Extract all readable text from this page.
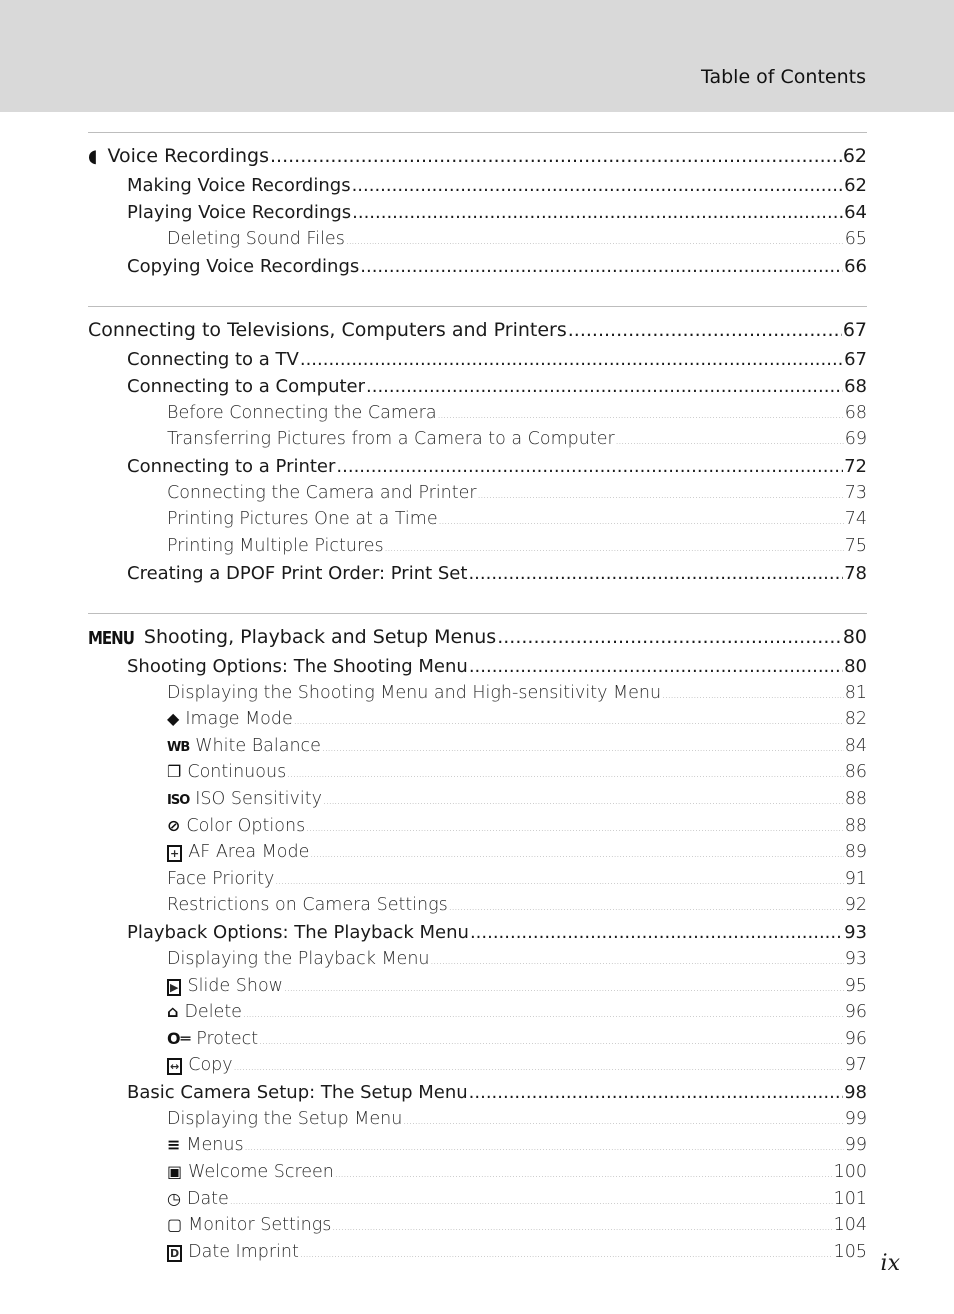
Table of Contents
◖ Voice Recordings .....	62
Making Voice Recordings .....	62
Playing Voice Recordings .....	64
Deleting Sound Files .....	65
Copying Voice Recordings .....	66
Connecting to Televisions, Computers and Printers .....	67
Connecting to a TV .....	67
Connecting to a Computer .....	68
Before Connecting the Camera .....	68
Transferring Pictures from a Camera to a Computer .....	69
Connecting to a Printer .....	72
Connecting the Camera and Printer .....	73
Printing Pictures One at a Time .....	74
Printing Multiple Pictures .....	75
Creating a DPOF Print Order: Print Set .....	78
MENU Shooting, Playback and Setup Menus .....	80
Shooting Options: The Shooting Menu .....	80
Displaying the Shooting Menu and High-sensitivity Menu .....	81
◆ Image Mode .....	82
WB White Balance .....	84
❐ Continuous .....	86
ISO ISO Sensitivity .....	88
⊘ Color Options .....	88
+ AF Area Mode .....	89
Face Priority .....	91
Restrictions on Camera Settings .....	92
Playback Options: The Playback Menu .....	93
Displaying the Playback Menu .....	93
▶ Slide Show .....	95
⌂ Delete .....	96
O═ Protect .....	96
↔ Copy .....	97
Basic Camera Setup: The Setup Menu .....	98
Displaying the Setup Menu .....	99
≡ Menus .....	99
▣ Welcome Screen .....	100
◷ Date .....	101
▢ Monitor Settings .....	104
D Date Imprint .....	105 ix
